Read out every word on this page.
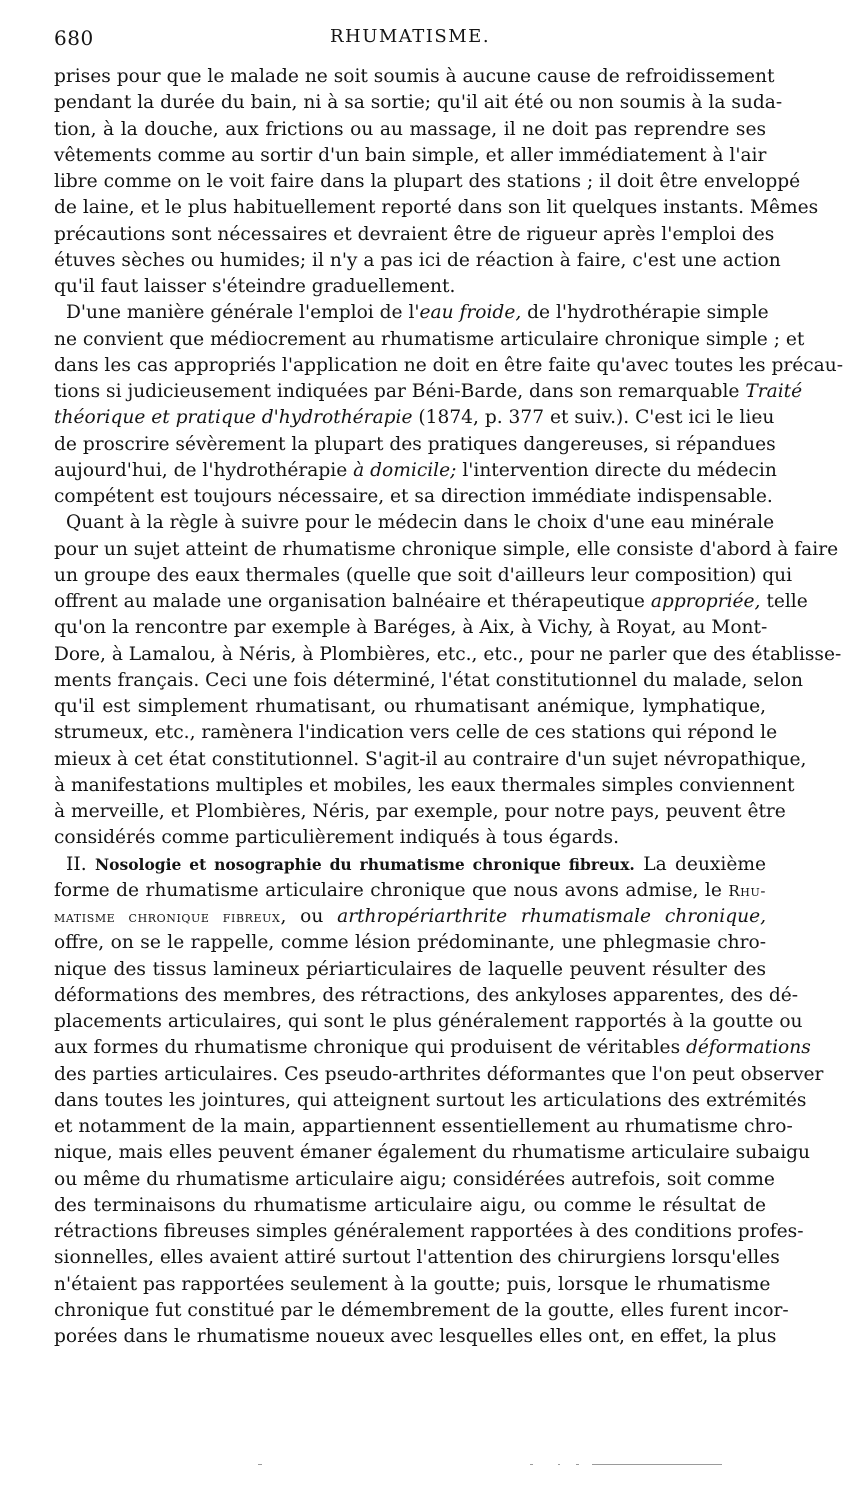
680	RHUMATISME.
prises pour que le malade ne soit soumis à aucune cause de refroidissement
pendant la durée du bain, ni à sa sortie; qu'il ait été ou non soumis à la suda-
tion, à la douche, aux frictions ou au massage, il ne doit pas reprendre ses
vêtements comme au sortir d'un bain simple, et aller immédiatement à l'air
libre comme on le voit faire dans la plupart des stations ; il doit être enveloppé
de laine, et le plus habituellement reporté dans son lit quelques instants. Mêmes
précautions sont nécessaires et devraient être de rigueur après l'emploi des
étuves sèches ou humides; il n'y a pas ici de réaction à faire, c'est une action
qu'il faut laisser s'éteindre graduellement.
D'une manière générale l'emploi de l'eau froide, de l'hydrothérapie simple
ne convient que médiocrement au rhumatisme articulaire chronique simple ; et
dans les cas appropriés l'application ne doit en être faite qu'avec toutes les précau-
tions si judicieusement indiquées par Béni-Barde, dans son remarquable Traité
théorique et pratique d'hydrothérapie (1874, p. 377 et suiv.). C'est ici le lieu
de proscrire sévèrement la plupart des pratiques dangereuses, si répandues
aujourd'hui, de l'hydrothérapie à domicile; l'intervention directe du médecin
compétent est toujours nécessaire, et sa direction immédiate indispensable.
Quant à la règle à suivre pour le médecin dans le choix d'une eau minérale
pour un sujet atteint de rhumatisme chronique simple, elle consiste d'abord à faire
un groupe des eaux thermales (quelle que soit d'ailleurs leur composition) qui
offrent au malade une organisation balnéaire et thérapeutique appropriée, telle
qu'on la rencontre par exemple à Baréges, à Aix, à Vichy, à Royat, au Mont-
Dore, à Lamalou, à Néris, à Plombières, etc., etc., pour ne parler que des établisse-
ments français. Ceci une fois déterminé, l'état constitutionnel du malade, selon
qu'il est simplement rhumatisant, ou rhumatisant anémique, lymphatique,
strumeux, etc., ramènera l'indication vers celle de ces stations qui répond le
mieux à cet état constitutionnel. S'agit-il au contraire d'un sujet névropathique,
à manifestations multiples et mobiles, les eaux thermales simples conviennent
à merveille, et Plombières, Néris, par exemple, pour notre pays, peuvent être
considérés comme particulièrement indiqués à tous égards.
II. Nosologie et nosographie du rhumatisme chronique fibreux. La deuxième
forme de rhumatisme articulaire chronique que nous avons admise, le Rhu-
matisme chronique fibreux, ou arthropériarthrite rhumatismale chronique,
offre, on se le rappelle, comme lésion prédominante, une phlegmasie chro-
nique des tissus lamineux périarticulaires de laquelle peuvent résulter des
déformations des membres, des rétractions, des ankyloses apparentes, des dé-
placements articulaires, qui sont le plus généralement rapportés à la goutte ou
aux formes du rhumatisme chronique qui produisent de véritables déformations
des parties articulaires. Ces pseudo-arthrites déformantes que l'on peut observer
dans toutes les jointures, qui atteignent surtout les articulations des extrémités
et notamment de la main, appartiennent essentiellement au rhumatisme chro-
nique, mais elles peuvent émaner également du rhumatisme articulaire subaigu
ou même du rhumatisme articulaire aigu; considérées autrefois, soit comme
des terminaisons du rhumatisme articulaire aigu, ou comme le résultat de
rétractions fibreuses simples généralement rapportées à des conditions profes-
sionnelles, elles avaient attiré surtout l'attention des chirurgiens lorsqu'elles
n'étaient pas rapportées seulement à la goutte; puis, lorsque le rhumatisme
chronique fut constitué par le démembrement de la goutte, elles furent incor-
porées dans le rhumatisme noueux avec lesquelles elles ont, en effet, la plus
